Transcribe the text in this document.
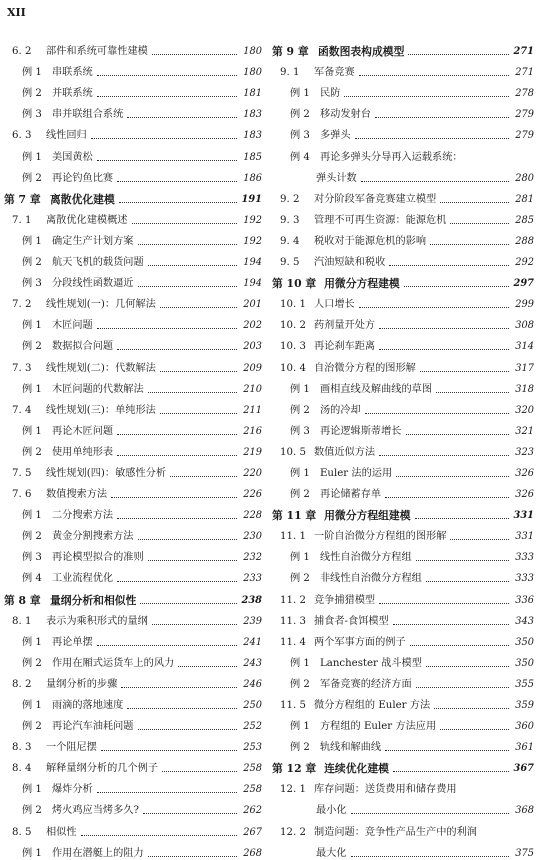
XII
6. 2	部件和系统可靠性建模	180
例 1 串联系统	180
例 2 并联系统	181
例 3 串并联组合系统	183
6. 3	线性回归	183
例 1 美国黄松	185
例 2 再论钓鱼比赛	186
第 7 章 离散优化建模	191
7. 1	离散优化建模概述	192
例 1 确定生产计划方案	192
例 2 航天飞机的载货问题	194
例 3 分段线性函数逼近	194
7. 2	线性规划(一)：几何解法	201
例 1 木匠问题	202
例 2 数据拟合问题	203
7. 3	线性规划(二)：代数解法	209
例 1 木匠问题的代数解法	210
7. 4	线性规划(三)：单纯形法	211
例 1 再论木匠问题	216
例 2 使用单纯形表	219
7. 5	线性规划(四)：敏感性分析	220
7. 6	数值搜索方法	226
例 1 二分搜索方法	228
例 2 黄金分割搜索方法	230
例 3 再论模型拟合的准则	232
例 4 工业流程优化	233
第 8 章 量纲分析和相似性	238
8. 1	表示为乘积形式的量纲	239
例 1 再论单摆	241
例 2 作用在厢式运货车上的风力	243
8. 2	量纲分析的步骤	246
例 1 雨滴的落地速度	250
例 2 再论汽车油耗问题	252
8. 3	一个阻尼摆	253
8. 4	解释量纲分析的几个例子	258
例 1 爆炸分析	258
例 2 烤火鸡应当烤多久?	262
8. 5	相似性	267
例 1 作用在潜艇上的阻力	268
第 9 章 函数图表构成模型	271
9. 1	军备竞赛	271
例 1 民防	278
例 2 移动发射台	279
例 3 多弹头	279
例 4 再论多弹头分导再入运载系统：
弹头计数	280
9. 2	对分阶段军备竞赛建立模型	281
9. 3	管理不可再生资源：能源危机	285
9. 4	税收对于能源危机的影响	288
9. 5	汽油短缺和税收	292
第 10 章 用微分方程建模	297
10. 1 人口增长	299
10. 2 药剂量开处方	308
10. 3 再论刹车距离	314
10. 4 自治微分方程的图形解	317
例 1 画相直线及解曲线的草图	318
例 2 汤的冷却	320
例 3 再论逻辑斯蒂增长	321
10. 5 数值近似方法	323
例 1 Euler 法的运用	326
例 2 再论储蓄存单	326
第 11 章 用微分方程组建模	331
11. 1 一阶自治微分方程组的图形解	331
例 1 线性自治微分方程组	333
例 2 非线性自治微分方程组	333
11. 2 竞争捕猎模型	336
11. 3 捕食者-食饵模型	343
11. 4 两个军事方面的例子	350
例 1 Lanchester 战斗模型	350
例 2 军备竞赛的经济方面	355
11. 5 微分方程组的 Euler 方法	359
例 1 方程组的 Euler 方法应用	360
例 2 轨线和解曲线	361
第 12 章 连续优化建模	367
12. 1 库存问题：送货费用和储存费用
最小化	368
12. 2 制造问题：竞争性产品生产中的利润
最大化	375
